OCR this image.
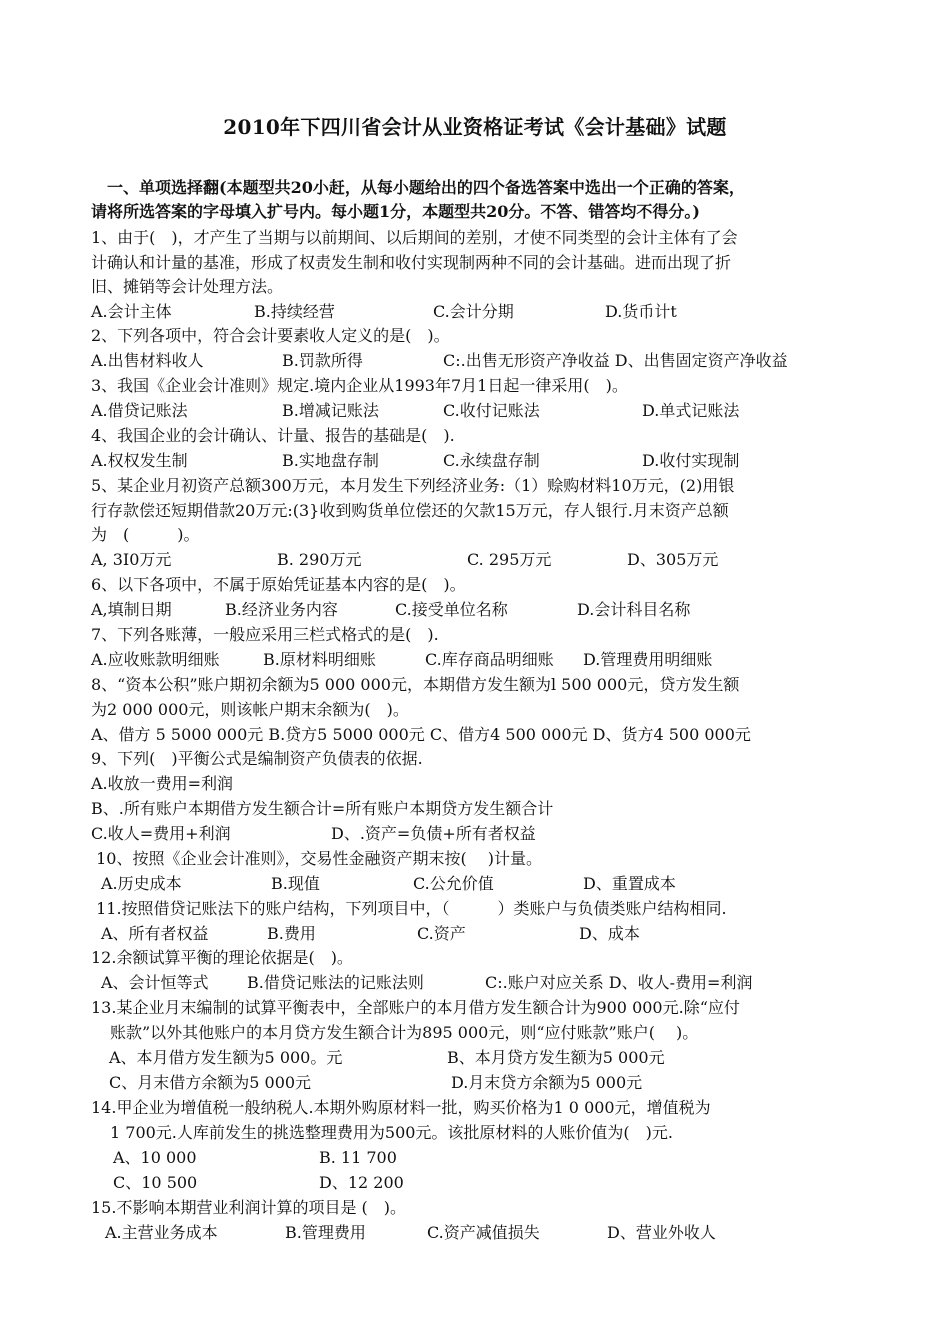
2010年下四川省会计从业资格证考试《会计基础》试题
　一、单项选择翻(本题型共20小赶，从每小题给出的四个备选答案中选出一个正确的答案，
请将所选答案的字母填入扩号内。每小题1分，本题型共20分。不答、错答均不得分。)
1、由于(　)，才产生了当期与以前期间、以后期间的差别，才使不同类型的会计主体有了会
计确认和计量的基准，形成了权责发生制和收付实现制两种不同的会计基础。进而出现了折
旧、摊销等会计处理方法。
A.会计主体	B.持续经营	C.会计分期	D.货币计t
2、下列各项中，符合会计要素收人定义的是(　)。
A.出售材料收人	B.罚款所得	C:.出售无形资产净收益 D、出售固定资产净收益
3、我国《企业会计准则》规定.境内企业从1993年7月1日起一律采用(　)。
A.借贷记账法	B.增减记账法	C.收付记账法	D.单式记账法
4、我国企业的会计确认、计量、报告的基础是(　).
A.权权发生制	B.实地盘存制	C.永续盘存制	D.收付实现制
5、某企业月初资产总额300万元，本月发生下列经济业务:（1）赊购材料10万元，(2)用银
行存款偿还短期借款20万元:(3}收到购货单位偿还的欠款15万元，存人银行.月末资产总额
为　(　　　)。
A, 3I0万元	B. 290万元	C. 295万元	D、305万元
6、以下各项中，不属于原始凭证基本内容的是(　)。
A,填制日期	B.经济业务内容	C.接受单位名称	D.会计科目名称
7、下列各账薄，一般应采用三栏式格式的是(　).
A.应收账款明细账	B.原材料明细账	C.库存商品明细账 D.管理费用明细账
8、“资本公积”账户期初余额为5 000 000元，本期借方发生额为l 500 000元，贷方发生额
为2 000 000元，则该帐户期末余额为(　)。
A、借方 5 5000 000元 B.贷方5 5000 000元 C、借方4 500 000元 D、货方4 500 000元
9、下列(　)平衡公式是编制资产负债表的依据.
A.收放一费用=利润
B、.所有账户本期借方发生额合计=所有账户本期贷方发生额合计
C.收人=费用+利润	D、.资产=负债+所有者权益
10、按照《企业会计准则》，交易性金融资产期末按(　 )计量。
A.历史成本	B.现值	C.公允价值	D、重置成本
11.按照借贷记账法下的账户结构，下列项目中，（　　　）类账户与负债类账户结构相同.
A、所有者权益	B.费用	C.资产	D、成本
12.余额试算平衡的理论依据是(　)。
A、会计恒等式 B.借贷记账法的记账法则	C:.账户对应关系 D、收人-费用=利润
13.某企业月末编制的试算平衡表中，全部账户的本月借方发生额合计为900 000元.除“应付
账款”以外其他账户的本月贷方发生额合计为895 000元，则“应付账款”账户(　 )。
A、本月借方发生额为5 000。元	B、本月贷方发生额为5 000元
C、月末借方余额为5 000元	D.月末贷方余额为5 000元
14.甲企业为增值税一般纳税人.本期外购原材料一批，购买价格为1 0 000元，增值税为
1 700元.人库前发生的挑选整理费用为500元。该批原材料的人账价值为(　)元.
A、10 000	B. 11 700
C、10 500	D、12 200
15.不影响本期营业利润计算的项目是 (　)。
A.主营业务成本	B.管理费用	C.资产减值损失	D、营业外收人
